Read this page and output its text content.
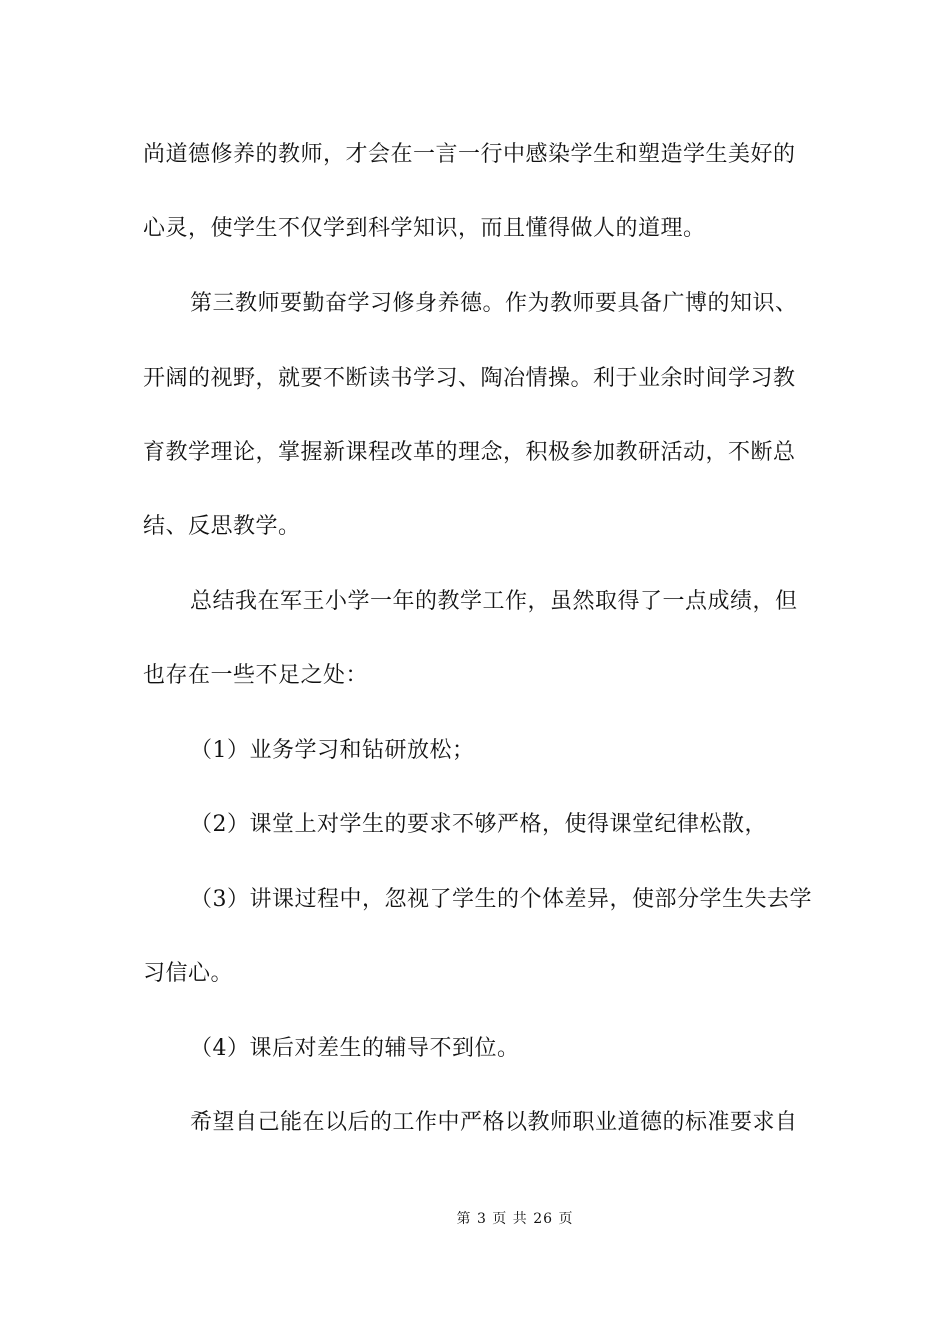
尚道德修养的教师，才会在一言一行中感染学生和塑造学生美好的
心灵，使学生不仅学到科学知识，而且懂得做人的道理。
第三教师要勤奋学习修身养德。作为教师要具备广博的知识、
开阔的视野，就要不断读书学习、陶冶情操。利于业余时间学习教
育教学理论，掌握新课程改革的理念，积极参加教研活动，不断总
结、反思教学。
总结我在军王小学一年的教学工作，虽然取得了一点成绩，但
也存在一些不足之处：
（1）业务学习和钻研放松；
（2）课堂上对学生的要求不够严格，使得课堂纪律松散，
（3）讲课过程中，忽视了学生的个体差异，使部分学生失去学
习信心。
（4）课后对差生的辅导不到位。
希望自己能在以后的工作中严格以教师职业道德的标准要求自
第 3 页 共 26 页
